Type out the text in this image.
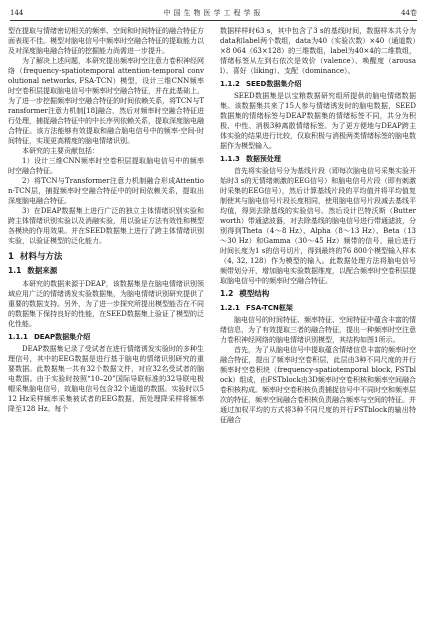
144	中国生物医学工程学报	44卷

型在提取与情绪密切相关的频率、空间和时间特征的融合特征方面表现不佳。模型对脑电信号中频率时空融合特征的提取能力以及对深度脑电融合特征的挖掘能力尚需进一步提升。

为了解决上述问题，本研究提出频率时空注意力卷积神经网络（frequency-spatiotemporal attention-temporal convolutional networks, FSA-TCN）模型，设计三维CNN频率时空卷积层提取脑电信号中频率时空融合特征，并在此基础上，为了进一步挖掘频率时空融合特征的时间依赖关系，将TCN与Transformer注意力机制[18]融合，然后对频率时空融合特征进行处理，捕捉融合特征中的中长序列依赖关系，提取深度脑电融合特征。该方法能够有效提取和融合脑电信号中的频率-空间-时间特征，实现更高精度的脑电情绪识别。

本研究的主要贡献包括：

1）设计三维CNN频率时空卷积层提取脑电信号中的频率时空融合特征。

2）将TCN与Transformer注意力机制融合形成Attention-TCN层，捕捉频率时空融合特征中的时间依赖关系，提取出深度脑电融合特征。

3）在DEAP数据集上进行广泛的独立主体情绪识别实验和跨主体情绪识别实验以及消融实验，用以验证方法有效性和模型各模块的作用效果。并在SEED数据集上进行了跨主体情绪识别实验，以验证模型的泛化能力。

1 材料与方法
1.1 数据来源

本研究的数据来源于DEAP，该数据集是在脑电情绪识别领域应用广泛的情绪诱发实验数据集，为脑电情绪识别研究提供了重要的数据支持。另外，为了进一步探究所提出模型能否在不同的数据集下保持良好的性能，在SEED数据集上验证了模型的泛化性能。

1.1.1 DEAP数据集介绍

DEAP数据集记录了受试者在进行情绪诱发实验时的多种生理信号，其中的EEG数据是进行基于脑电的情绪识别研究的重要数据。此数据集一共有32个数据文件，对应32名受试者的脑电数据。由于实验时按照“10–20”国际导联标准的32导联电极帽采集脑电信号，故脑电信号包含32个通道的数据。实验时以512 Hz采样频率采集被试者的EEG数据，预处理降采样将频率降至128 Hz。每个

数据样样时63 s，其中包含了3 s的基线时间，数据样本共分为data和label两个数组，data为40（实验次数）×40（通道数）×8 064（63×128）的三维数组，label为40×4的二维数组，情绪标签从左到右依次是效价（valence）、唤醒度（arousal）、喜好（liking）、支配（dominance）。

1.1.2 SEED数据集介绍

SEED数据集是以宝粮数据研究组所提供的脑电情绪数据集。该数据集共来了15人参与情绪诱发时的脑电数据，SEED数据集的情绪标签与DEAP数据集的情绪标签不同，共分为积极、中性、消极3种离散情绪标签。为了更方便地与DEAP跨主体实验的结果进行比较，仅取积极与消极两类情绪标签的脑电数据作为模型输入。

1.1.3 数据预处理

首先将实验信号分为基线片段（即每次脑电信号采集实验开始时3 s的无情绪刺激的EEG信号）和脑电信号片段（即有刺激时采集的EEG信号），然后计算基线片段的平均值并将平均值复制使其与脑电信号片段长度相同，使用脑电信号片段减去基线平均值，得到去除基线的实验信号。然后设计巴特沃斯（Butterworth）带通滤波器，对去除基线的脑电信号进行带通滤波，分别得到Theta（4～8 Hz）、Alpha（8～13 Hz）、Beta（13～30 Hz）和Gamma（30～45 Hz）频带的信号，最后进行时间长度为1 s的信号切片，得到最终的76 800个模型输入样本（4, 32, 128）作为模型的输入。此数据处理方法将脑电信号频带划分开，增加脑电实验数据维度，以配合频率时空卷积层提取脑电信号中的频率时空融合特征。

1.2 模型结构
1.2.1 FSA-TCN框架

脑电信号的时间特征、频率特征、空间特征中蕴含丰富的情绪信息，为了有效提取三者的融合特征，提出一种频率时空注意力卷积神经网络的脑电情绪识别模型，其结构如图1所示。

首先，为了从脑电信号中提取蕴含情绪信息丰富的频率时空融合特征，提出了频率时空卷积层，此层由3种不同尺度的并行频率时空卷积块（frequency-spatiotemporal block, FSTblock）组成，由FSTblock由3D频率时空卷积核和频率空间融合卷积核构成。频率时空卷积核负责捕捉信号中不同时空和频率层次的特征，频率空间融合卷积核负责融合频率与空间的特征。并通过加权平均的方式将3种不同尺度的并行FSTblock的输出特征融合
